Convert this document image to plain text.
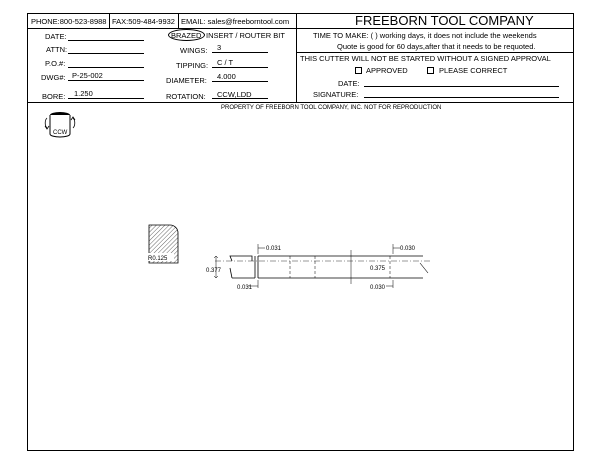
PHONE:800-523-8988 FAX:509-484-9932 EMAIL: sales@freeborntool.com	FREEBORN TOOL COMPANY
DATE:
ATTN:
P.O.#:
DWG#: P-25-002
BORE: 1.250
BRAZED INSERT / ROUTER BIT
WINGS: 3
TIPPING: C / T
DIAMETER: 4.000
ROTATION: CCW,LDD
TIME TO MAKE: ( ) working days, it does not include the weekends
Quote is good for 60 days,after that it needs to be requoted.
THIS CUTTER WILL NOT BE STARTED WITHOUT A SIGNED APPROVAL
APPROVED	PLEASE CORRECT
DATE:
SIGNATURE:
PROPERTY OF FREEBORN TOOL COMPANY, INC. NOT FOR REPRODUCTION
CCW
R0.125
0.377
0.031
0.031
0.375
0.030
0.030
